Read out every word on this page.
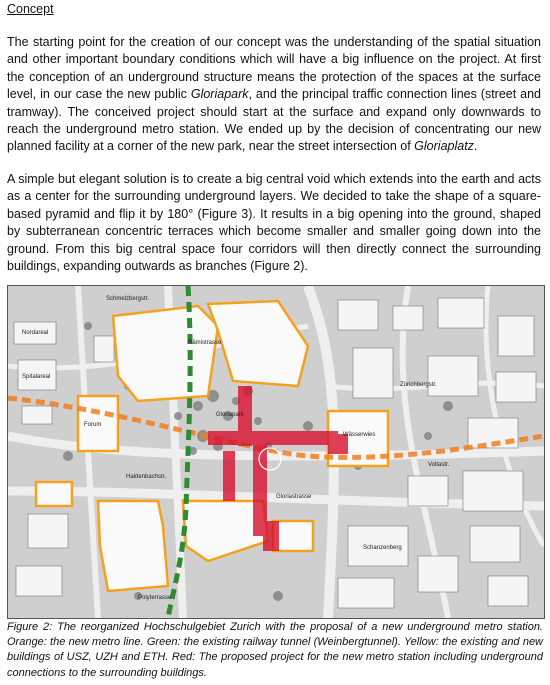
Concept

The starting point for the creation of our concept was the understanding of the spatial situation and other important boundary conditions which will have a big influence on the project. At first the conception of an underground structure means the protection of the spaces at the surface level, in our case the new public Gloriapark, and the principal traffic connection lines (street and tramway). The conceived project should start at the surface and expand only downwards to reach the underground metro station. We ended up by the decision of concentrating our new planned facility at a corner of the new park, near the street intersection of Gloriaplatz.

A simple but elegant solution is to create a big central void which extends into the earth and acts as a center for the surrounding underground layers. We decided to take the shape of a square-based pyramid and flip it by 180° (Figure 3). It results in a big opening into the ground, shaped by subterranean concentric terraces which become smaller and smaller going down into the ground. From this big central space four corridors will then directly connect the surrounding buildings, expanding outwards as branches (Figure 2).

Schmelzbergstr.
Nordareal
Spitalareal
Gloriapark
Wässerwies
Schanzenberg
Polyterrasse
Haldenbachstr.
Rämistrasse
Gloriastrasse
Zürichbergstr.
Forum
Voltastr.

Figure 2: The reorganized Hochschulgebiet Zurich with the proposal of a new underground metro station. Orange: the new metro line. Green: the existing railway tunnel (Weinbergtunnel). Yellow: the existing and new buildings of USZ, UZH and ETH. Red: The proposed project for the new metro station including underground connections to the surrounding buildings.
